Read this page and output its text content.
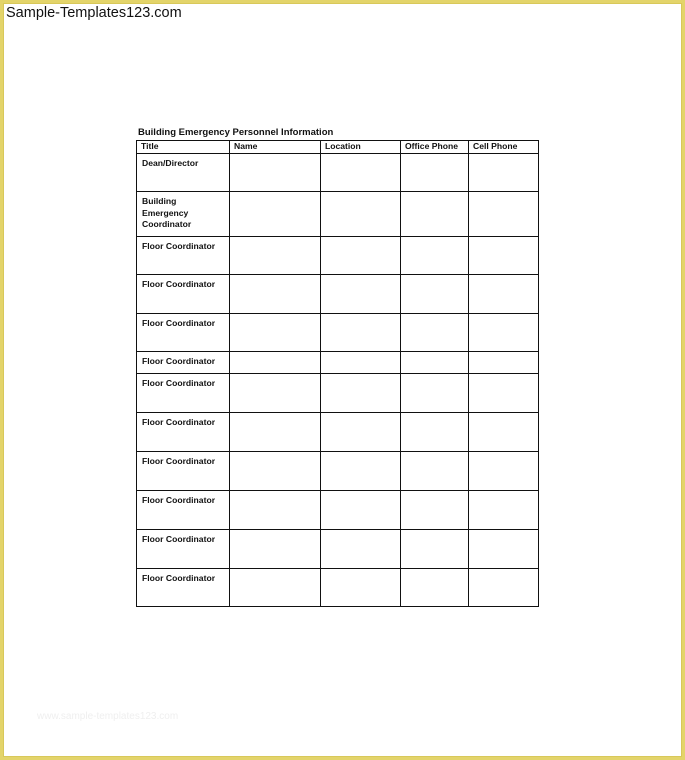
Sample-Templates123.com
Building Emergency Personnel Information
Title	Name	Location	Office Phone	Cell Phone
Dean/Director				
Building Emergency Coordinator				
Floor Coordinator				
Floor Coordinator				
Floor Coordinator				
Floor Coordinator				
Floor Coordinator				
Floor Coordinator				
Floor Coordinator				
Floor Coordinator				
Floor Coordinator				
Floor Coordinator				
www.sample-templates123.com
